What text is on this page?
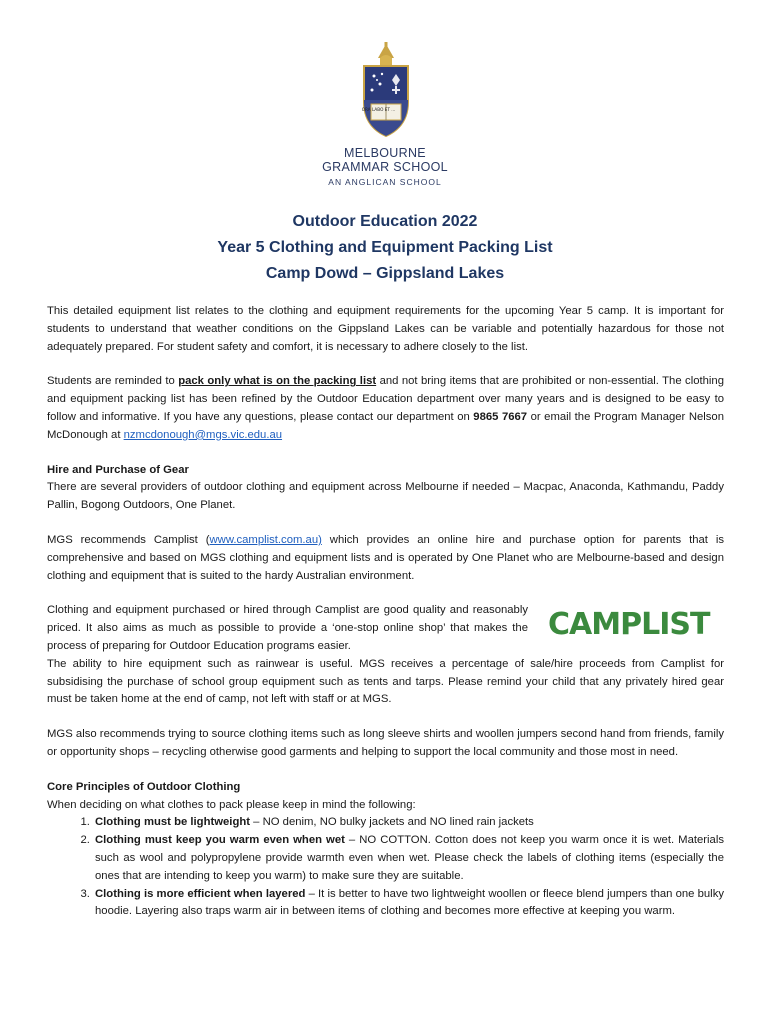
ORA LABO ET ...
MELBOURNE
GRAMMAR SCHOOL
AN ANGLICAN SCHOOL
Outdoor Education 2022
Year 5 Clothing and Equipment Packing List
Camp Dowd – Gippsland Lakes

This detailed equipment list relates to the clothing and equipment requirements for the upcoming Year 5 camp. It is important for students to understand that weather conditions on the Gippsland Lakes can be variable and potentially hazardous for those not adequately prepared. For student safety and comfort, it is necessary to adhere closely to the list.

Students are reminded to pack only what is on the packing list and not bring items that are prohibited or non-essential. The clothing and equipment packing list has been refined by the Outdoor Education department over many years and is designed to be easy to follow and informative. If you have any questions, please contact our department on 9865 7667 or email the Program Manager Nelson McDonough at nzmcdonough@mgs.vic.edu.au

Hire and Purchase of Gear

There are several providers of outdoor clothing and equipment across Melbourne if needed – Macpac, Anaconda, Kathmandu, Paddy Pallin, Bogong Outdoors, One Planet.

MGS recommends Camplist (www.camplist.com.au) which provides an online hire and purchase option for parents that is comprehensive and based on MGS clothing and equipment lists and is operated by One Planet who are Melbourne-based and design clothing and equipment that is suited to the hardy Australian environment.

CAMPLIST
Clothing and equipment purchased or hired through Camplist are good quality and reasonably priced. It also aims as much as possible to provide a ‘one-stop online shop’ that makes the process of preparing for Outdoor Education programs easier.

The ability to hire equipment such as rainwear is useful. MGS receives a percentage of sale/hire proceeds from Camplist for subsidising the purchase of school group equipment such as tents and tarps. Please remind your child that any privately hired gear must be taken home at the end of camp, not left with staff or at MGS.

MGS also recommends trying to source clothing items such as long sleeve shirts and woollen jumpers second hand from friends, family or opportunity shops – recycling otherwise good garments and helping to support the local community and those most in need.

Core Principles of Outdoor Clothing
When deciding on what clothes to pack please keep in mind the following:
1. Clothing must be lightweight – NO denim, NO bulky jackets and NO lined rain jackets
2. Clothing must keep you warm even when wet – NO COTTON. Cotton does not keep you warm once it is wet. Materials such as wool and polypropylene provide warmth even when wet. Please check the labels of clothing items (especially the ones that are intending to keep you warm) to make sure they are suitable.
3. Clothing is more efficient when layered – It is better to have two lightweight woollen or fleece blend jumpers than one bulky hoodie. Layering also traps warm air in between items of clothing and becomes more effective at keeping you warm.
